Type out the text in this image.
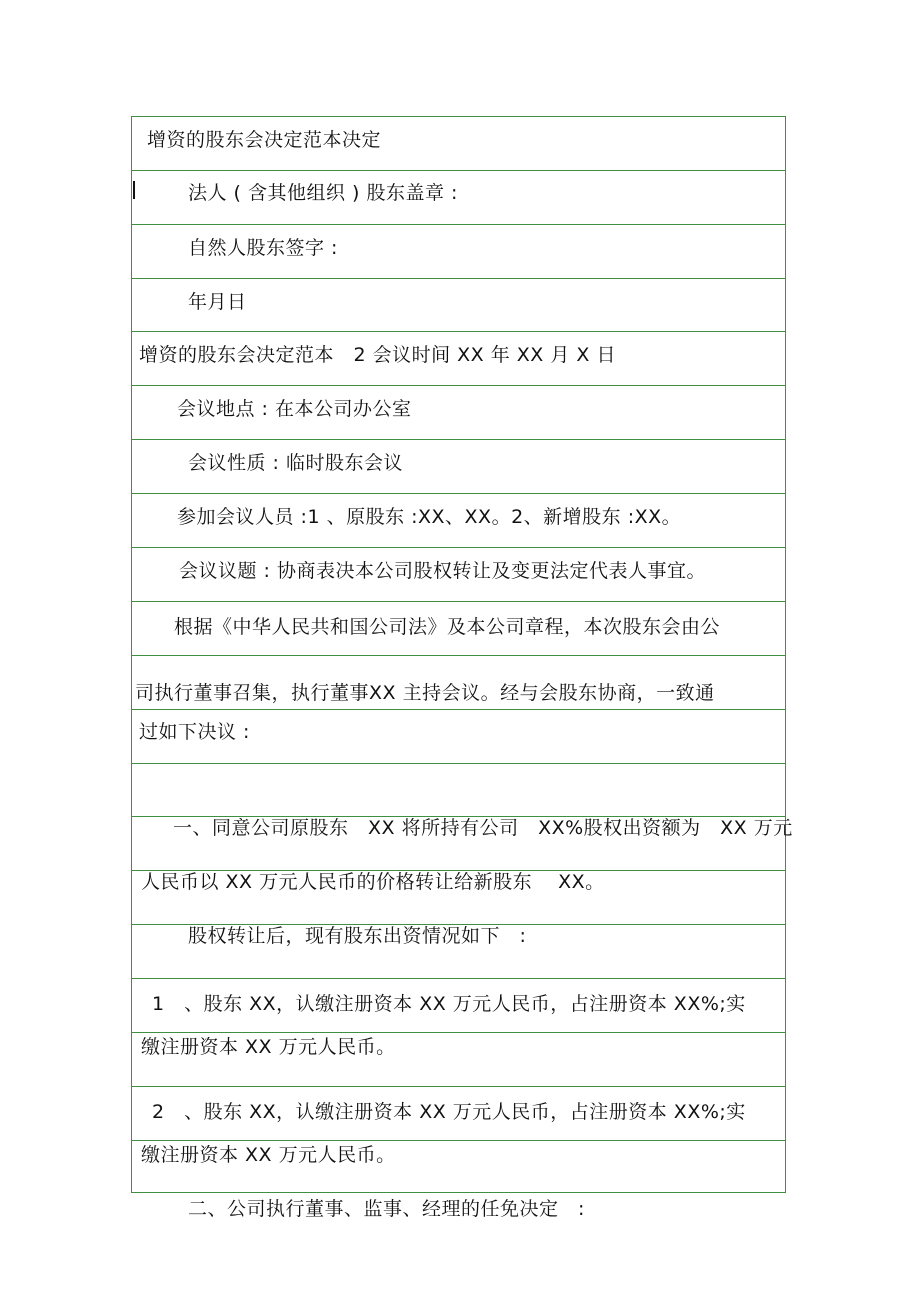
增资的股东会决定范本决定
法人 ( 含其他组织 ) 股东盖章 :
自然人股东签字 :
年月日
增资的股东会决定范本　2 会议时间 XX 年 XX 月 X 日
会议地点 : 在本公司办公室
会议性质 : 临时股东会议
参加会议人员 :1 、原股东 :XX、XX。2、新增股东 :XX。
会议议题 : 协商表决本公司股权转让及变更法定代表人事宜。
根据《中华人民共和国公司法》及本公司章程，本次股东会由公
司执行董事召集，执行董事XX 主持会议。经与会股东协商，一致通
过如下决议 :
一、同意公司原股东　XX 将所持有公司　XX%股权出资额为　XX 万元
人民币以 XX 万元人民币的价格转让给新股东　 XX。
股权转让后，现有股东出资情况如下　:
1　、股东 XX，认缴注册资本 XX 万元人民币，占注册资本 XX%;实
缴注册资本 XX 万元人民币。
2　、股东 XX，认缴注册资本 XX 万元人民币，占注册资本 XX%;实
缴注册资本 XX 万元人民币。
二、公司执行董事、监事、经理的任免决定　:
